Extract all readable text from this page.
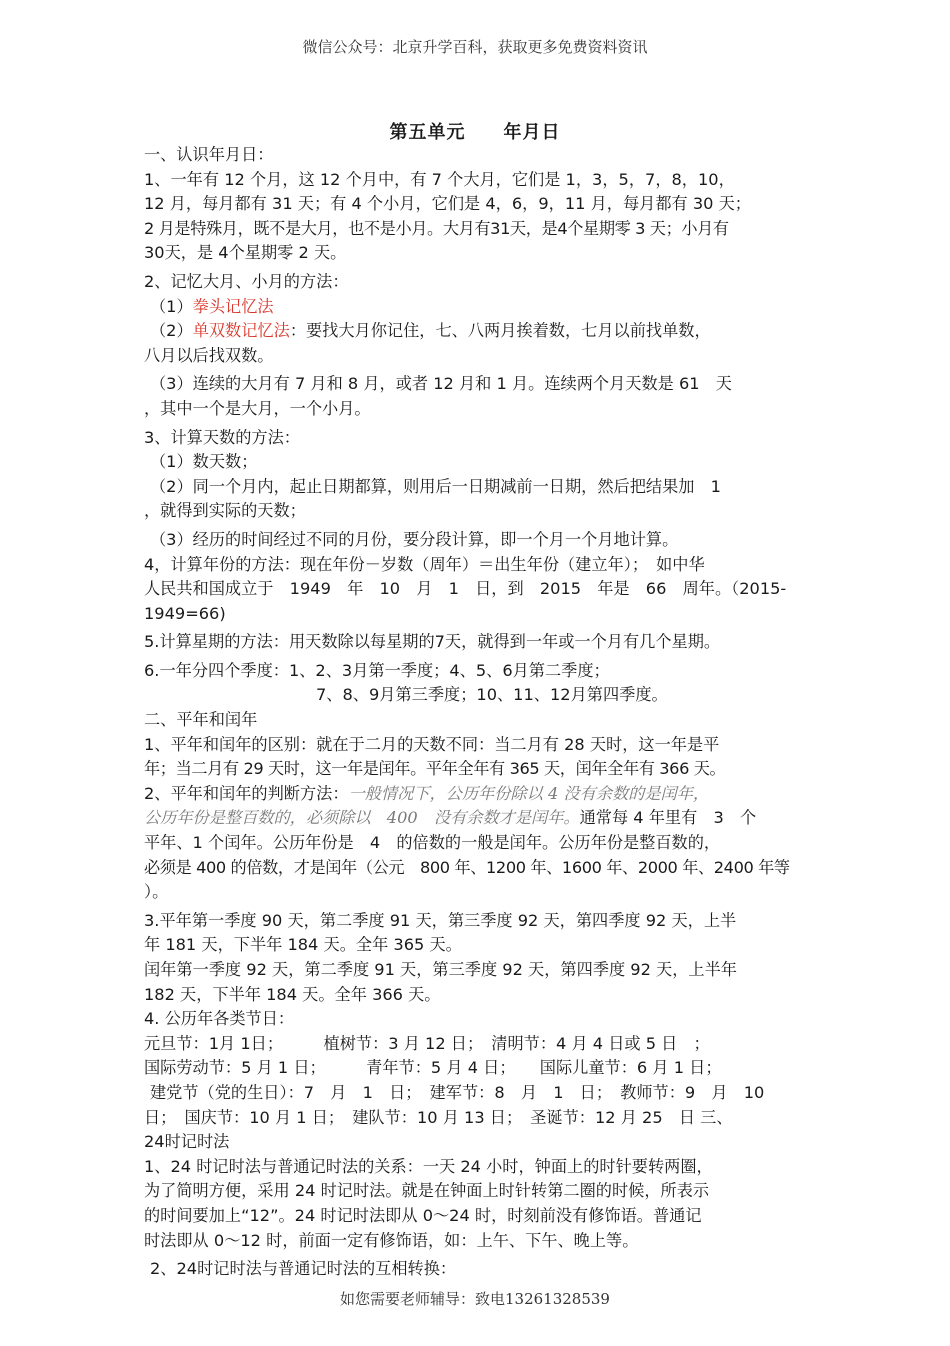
微信公众号：北京升学百科，获取更多免费资料资讯
第五单元　　年月日
一、认识年月日：
1、一年有 12 个月，这 12 个月中，有 7 个大月，它们是 1，3，5，7，8，10，
12 月，每月都有 31 天；有 4 个小月，它们是 4，6，9，11 月，每月都有 30 天；
2 月是特殊月，既不是大月，也不是小月。大月有31天，是4个星期零 3 天；小月有
30天，是 4个星期零 2 天。
2、记忆大月、小月的方法：
（1）拳头记忆法
（2）单双数记忆法：要找大月你记住，七、八两月挨着数，七月以前找单数，
八月以后找双数。
（3）连续的大月有 7 月和 8 月，或者 12 月和 1 月。连续两个月天数是 61　天
，其中一个是大月，一个小月。
3、计算天数的方法：
（1）数天数；
（2）同一个月内，起止日期都算，则用后一日期减前一日期，然后把结果加　1
，就得到实际的天数；
（3）经历的时间经过不同的月份，要分段计算，即一个月一个月地计算。
4，计算年份的方法：现在年份－岁数（周年）＝出生年份（建立年）；　如中华
人民共和国成立于　1949　年　10　月　1　日，到　2015　年是　66　周年。（2015-
1949=66)
5.计算星期的方法：用天数除以每星期的7天，就得到一年或一个月有几个星期。
6.一年分四个季度：1、2、3月第一季度；4、5、6月第二季度；
7、8、9月第三季度；10、11、12月第四季度。
二、平年和闰年
1、平年和闰年的区别：就在于二月的天数不同：当二月有 28 天时，这一年是平
年；当二月有 29 天时，这一年是闰年。平年全年有 365 天，闰年全年有 366 天。
2、平年和闰年的判断方法：一般情况下，公历年份除以 4 没有余数的是闰年，
公历年份是整百数的，必须除以　400　没有余数才是闰年。通常每 4 年里有　3　个
平年、1 个闰年。公历年份是　4　的倍数的一般是闰年。公历年份是整百数的，
必须是 400 的倍数，才是闰年（公元　800 年、1200 年、1600 年、2000 年、2400 年等
）。
3.平年第一季度 90 天，第二季度 91 天，第三季度 92 天，第四季度 92 天，上半
年 181 天，下半年 184 天。全年 365 天。
闰年第一季度 92 天，第二季度 91 天，第三季度 92 天，第四季度 92 天，上半年
182 天，下半年 184 天。全年 366 天。
4. 公历年各类节日：
元旦节：1月 1日；　　　植树节：3 月 12 日；　清明节：4 月 4 日或 5 日　；
国际劳动节：5 月 1 日；　　　青年节：5 月 4 日；　　国际儿童节：6 月 1 日；
建党节（党的生日）：7　月　1　日；　建军节：8　月　1　日；　教师节：9　月　10
日；　国庆节：10 月 1 日；　建队节：10 月 13 日；　圣诞节：12 月 25　日 三、
24时记时法
1、24 时记时法与普通记时法的关系：一天 24 小时，钟面上的时针要转两圈，
为了简明方便，采用 24 时记时法。就是在钟面上时针转第二圈的时候，所表示
的时间要加上“12”。24 时记时法即从 0～24 时，时刻前没有修饰语。普通记
时法即从 0～12 时，前面一定有修饰语，如：上午、下午、晚上等。
2、24时记时法与普通记时法的互相转换：
如您需要老师辅导：致电13261328539
